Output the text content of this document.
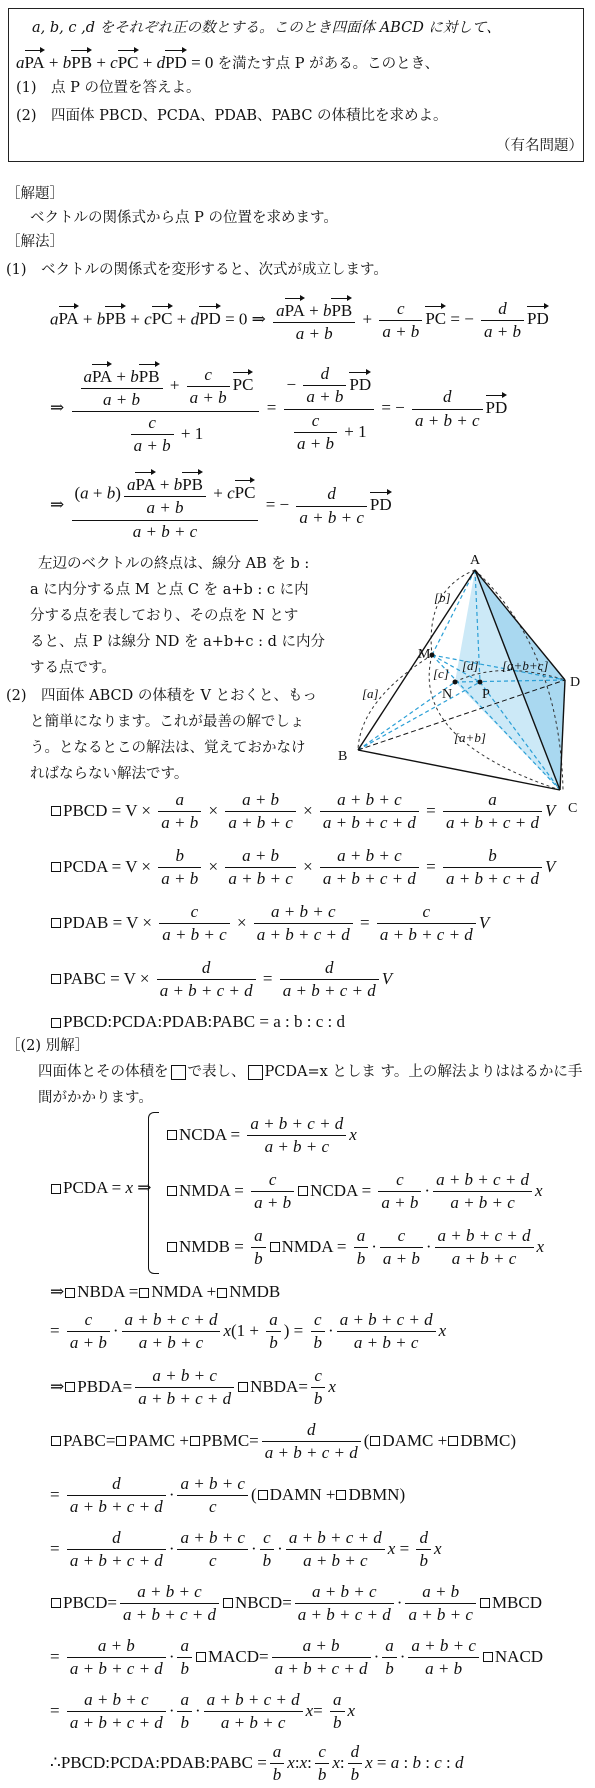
a, b, c ,d をそれぞれ正の数とする。このとき四面体 ABCD に対して、
aPA + bPB + cPC + dPD = 0 を満たす点 P がある。このとき、
(1)　点 P の位置を答えよ。
(2)　四面体 PBCD、PCDA、PDAB、PABC の体積比を求めよ。
（有名問題）
［解題］
ベクトルの関係式から点 P の位置を求めます。
［解法］
(1)　ベクトルの関係式を変形すると、次式が成立します。
aPA + bPB + cPC + dPD = 0 ⇒ $\frac{\text{aPA + bPB}}{a + b} + \frac{c}{a + b}$ PC = − $\frac{d}{a + b}$ PD
⇒ $\frac{\frac{\text{aPA + bPB}}{a + b} + \frac{c}{a + b} PC}{\frac{c}{a + b} + 1} = \frac{- \frac{d}{a + b} PD}{\frac{c}{a + b} + 1}$ = − $\frac{d}{a + b + c}$ PD
⇒ $\frac{(a + b) \frac{\text{aPA + bPB}}{a + b} + cPC}{a + b + c}$ = − $\frac{d}{a + b + c}$ PD
左辺のベクトルの終点は、線分 AB を b :
a に内分する点 M と点 C を a+b : c に内
分する点を表しており、その点を N とす
ると、点 P は線分 ND を a+b+c : d に内分
する点です。
(2)　四面体 ABCD の体積を V とおくと、もっ
と簡単になります。これが最善の解でしょ
う。となるとこの解法は、覚えておかなけ
ればならない解法です。
A
B
C
D
M
N P
[b]
[a]
[c]
[d] [a+b+c]
[a+b]
PBCD = $V \times \frac{a}{a + b} \times \frac{a + b}{a + b + c} \times \frac{a + b + c}{a + b + c + d} = \frac{a}{a + b + c + d}$ V
PCDA = $V \times \frac{b}{a + b} \times \frac{a + b}{a + b + c} \times \frac{a + b + c}{a + b + c + d} = \frac{b}{a + b + c + d}$ V
PDAB = $V \times \frac{c}{a + b + c} \times \frac{a + b + c}{a + b + c + d} = \frac{c}{a + b + c + d}$ V
PABC = $V \times \frac{d}{a + b + c + d} = \frac{d}{a + b + c + d}$ V
PBCD:PCDA:PDAB:PABC = a : b : c : d
［(2) 別解］
四面体とその体積を で表し、 PCDA=x としま す。上の解法よりははるかに手
間がかかります。
PCDA = x ⇒
NCDA = $\frac{a + b + c + d}{a + b + c}$ x
NMDA = $\frac{c}{a + b}$ NCDA = $\frac{c}{a + b} \cdot \frac{a + b + c + d}{a + b + c}$ x
NMDB = $\frac{a}{b}$ NMDA = $\frac{a}{b} \cdot \frac{c}{a + b} \cdot \frac{a + b + c + d}{a + b + c}$ x
⇒ NBDA = NMDA + NMDB
= $\frac{c}{a + b} \cdot \frac{a + b + c + d}{a + b + c} x(1 + \frac{a}{b}$ ) = $\frac{c}{b} \cdot \frac{a + b + c + d}{a + b + c}$ x
⇒ PBDA= $\frac{a + b + c}{a + b + c + d}$ NBDA= $\frac{c}{b}$ x
PABC= PAMC + PBMC= $\frac{d}{a + b + c + d}$ ( DAMC + DBMC)
= $\frac{d}{a + b + c + d} \cdot \frac{a + b + c}{c}$ ( DAMN + DBMN)
= $\frac{d}{a + b + c + d} \cdot \frac{a + b + c}{c} \cdot \frac{c}{b} \cdot \frac{a + b + c + d}{a + b + c}$ $x = \frac{d}{b}$ x
PBCD= $\frac{a + b + c}{a + b + c + d}$ NBCD= $\frac{a + b + c}{a + b + c + d} \cdot \frac{a + b}{a + b + c}$ MBCD
= $\frac{a + b}{a + b + c + d} \cdot \frac{a}{b}$ MACD= $\frac{a + b}{a + b + c + d} \cdot \frac{a}{b} \cdot \frac{a + b + c}{a + b}$ NACD
= $\frac{a + b + c}{a + b + c + d} \cdot \frac{a}{b} \cdot \frac{a + b + c + d}{a + b + c} x= \frac{a}{b}$ x
∴PBCD:PCDA:PDAB:PABC = $\frac{a}{b}$ x:x: $\frac{c}{b} x$: $\frac{d}{b}$ x = a : b : c : d
